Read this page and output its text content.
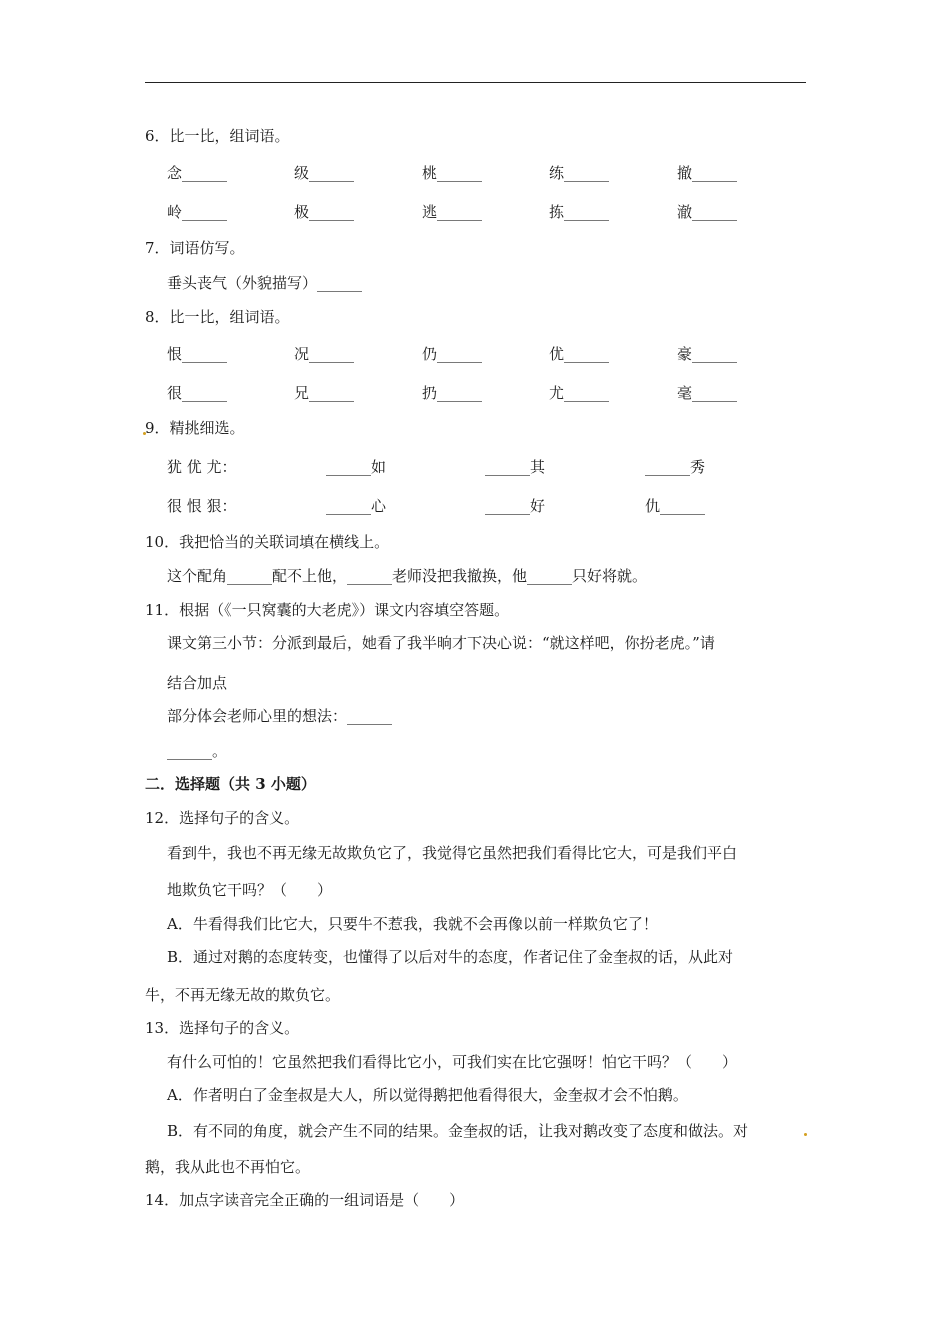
6．比一比，组词语。
念______	级______	桃______	练______	撤______
岭______	极______	逃______	拣______	澈______
7．词语仿写。
垂头丧气（外貌描写）______
8．比一比，组词语。
恨______	况______	仍______	优______	豪______
很______	兄______	扔______	尤______	毫______
9．精挑细选。
犹 优 尤：	______如	______其	______秀
很 恨 狠：	______心	______好	仇______
10．我把恰当的关联词填在横线上。
这个配角______配不上他，______老师没把我撤换，他______只好将就。
11．根据（《一只窝囊的大老虎》）课文内容填空答题。
课文第三小节：分派到最后，她看了我半晌才下决心说：“就这样吧，你扮老虎。”请
结合加点
部分体会老师心里的想法：______
______。
二．选择题（共 3 小题）
12．选择句子的含义。
看到牛，我也不再无缘无故欺负它了，我觉得它虽然把我们看得比它大，可是我们平白
地欺负它干吗？（　　）
A．牛看得我们比它大，只要牛不惹我，我就不会再像以前一样欺负它了！
B．通过对鹅的态度转变，也懂得了以后对牛的态度，作者记住了金奎叔的话，从此对
牛，不再无缘无故的欺负它。
13．选择句子的含义。
有什么可怕的！它虽然把我们看得比它小，可我们实在比它强呀！怕它干吗？（　　）
A．作者明白了金奎叔是大人，所以觉得鹅把他看得很大，金奎叔才会不怕鹅。
B．有不同的角度，就会产生不同的结果。金奎叔的话，让我对鹅改变了态度和做法。对
鹅，我从此也不再怕它。
14．加点字读音完全正确的一组词语是（　　）
